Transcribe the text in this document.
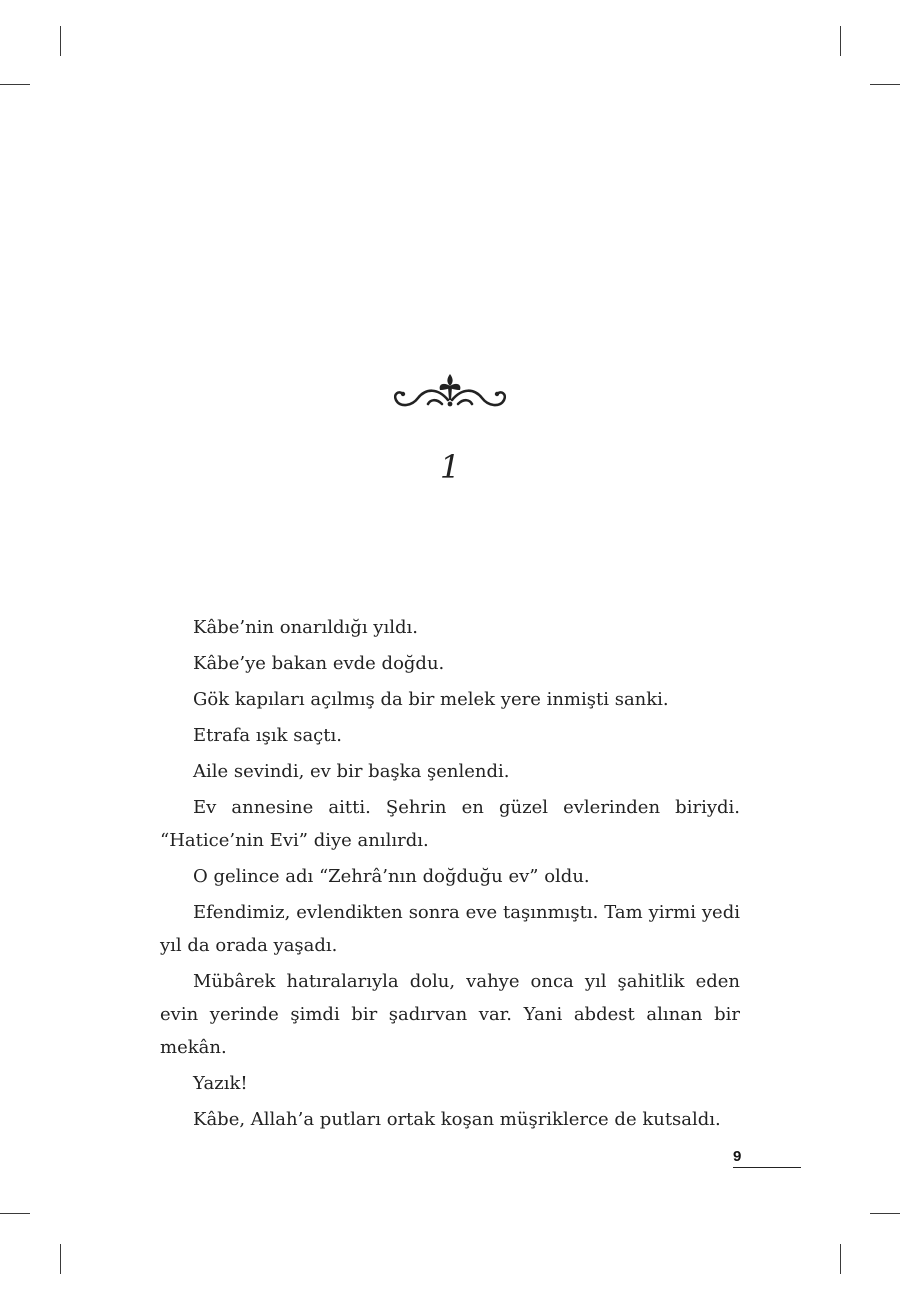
1

Kâbe’nin onarıldığı yıldı.

Kâbe’ye bakan evde doğdu.

Gök kapıları açılmış da bir melek yere inmişti sanki.

Etrafa ışık saçtı.

Aile sevindi, ev bir başka şenlendi.

Ev annesine aitti. Şehrin en güzel evlerinden biriydi. “Hatice’nin Evi” diye anılırdı.

O gelince adı “Zehrâ’nın doğduğu ev” oldu.

Efendimiz, evlendikten sonra eve taşınmıştı. Tam yirmi yedi yıl da orada yaşadı.

Mübârek hatıralarıyla dolu, vahye onca yıl şahitlik eden evin yerinde şimdi bir şadırvan var. Yani abdest alınan bir mekân.

Yazık!

Kâbe, Allah’a putları ortak koşan müşriklerce de kutsaldı.

9
